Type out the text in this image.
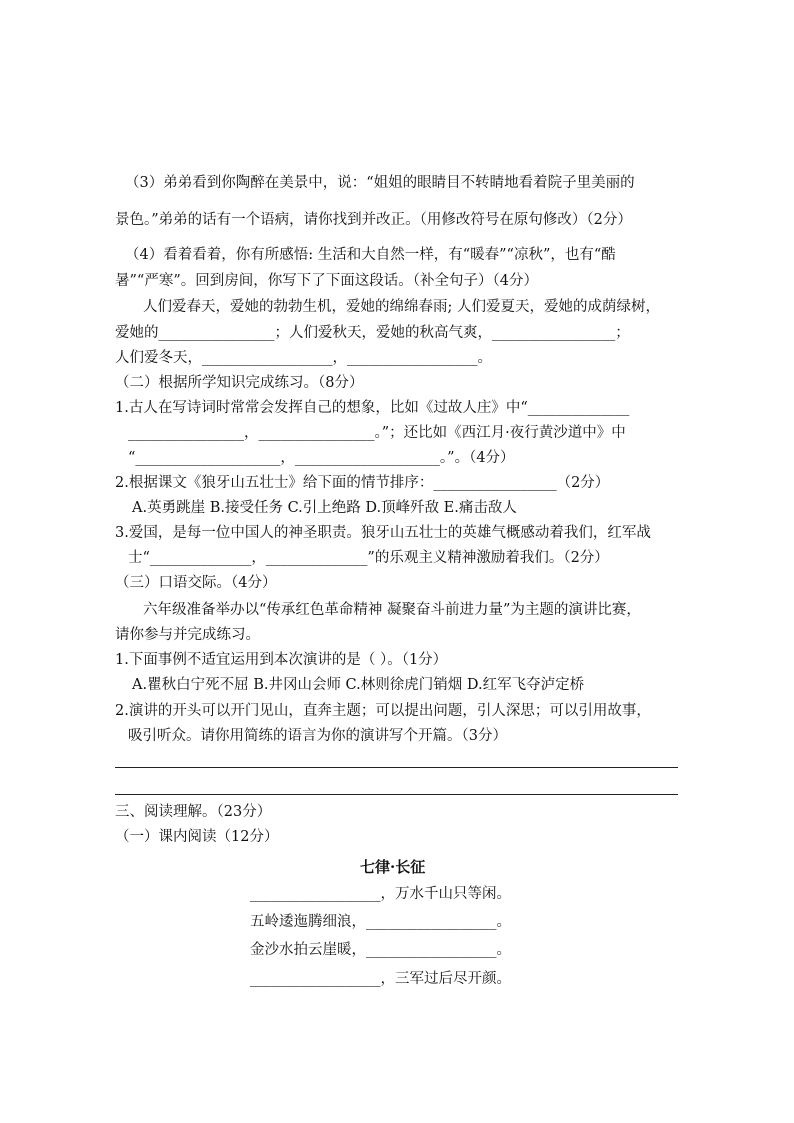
（3）弟弟看到你陶醉在美景中，说：“姐姐的眼睛目不转睛地看着院子里美丽的
景色。”弟弟的话有一个语病，请你找到并改正。（用修改符号在原句修改）（2分）
（4）看着看着，你有所感悟: 生活和大自然一样，有“暖春”“凉秋”，也有“酷
暑”“严寒”。回到房间，你写下了下面这段话。（补全句子）（4分）
人们爱春天，爱她的勃勃生机，爱她的绵绵春雨; 人们爱夏天，爱她的成荫绿树，
爱她的________________；人们爱秋天，爱她的秋高气爽，_________________；
人们爱冬天，__________________，__________________。
（二）根据所学知识完成练习。（8分）
1.古人在写诗词时常常会发挥自己的想象，比如《过故人庄》中“______________
________________，________________。”；还比如《西江月·夜行黄沙道中》中
“____________________，____________________。”。（4分）
2.根据课文《狼牙山五壮士》给下面的情节排序：_________________（2分）
A.英勇跳崖 B.接受任务 C.引上绝路 D.顶峰歼敌 E.痛击敌人
3.爱国，是每一位中国人的神圣职责。狼牙山五壮士的英雄气概感动着我们，红军战
士“______________，______________”的乐观主义精神激励着我们。（2分）
（三）口语交际。（4分）
六年级准备举办以“传承红色革命精神 凝聚奋斗前进力量”为主题的演讲比赛，
请你参与并完成练习。
1.下面事例不适宜运用到本次演讲的是（ ）。（1分）
A.瞿秋白宁死不屈 B.井冈山会师 C.林则徐虎门销烟 D.红军飞夺泸定桥
2.演讲的开头可以开门见山，直奔主题；可以提出问题，引人深思；可以引用故事，
吸引听众。请你用简练的语言为你的演讲写个开篇。（3分）
三、阅读理解。（23分）
（一）课内阅读（12分）
七律·长征
__________________，万水千山只等闲。
五岭逶迤腾细浪，__________________。
金沙水拍云崖暖，__________________。
__________________，三军过后尽开颜。
